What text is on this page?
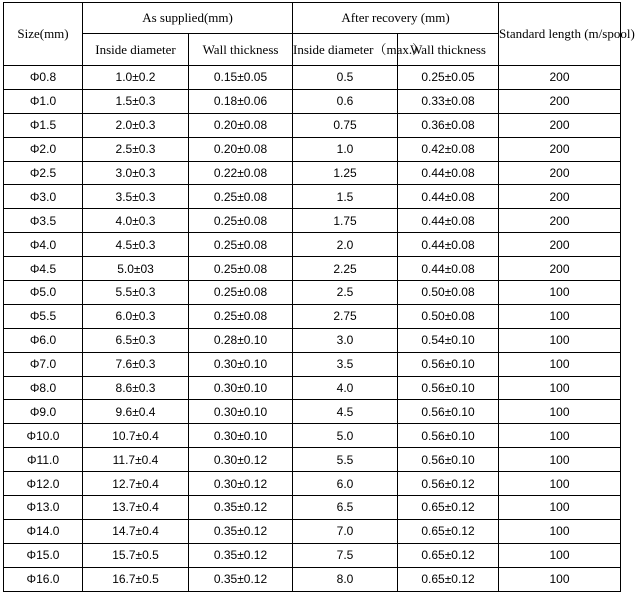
Size(mm)	As supplied(mm)		After recovery (mm)		Standard length (m/spool)
	Inside diameter	Wall thickness	Inside diameter（max.）	Wall thickness	
Φ0.8	1.0±0.2	0.15±0.05	0.5	0.25±0.05	200
Φ1.0	1.5±0.3	0.18±0.06	0.6	0.33±0.08	200
Φ1.5	2.0±0.3	0.20±0.08	0.75	0.36±0.08	200
Φ2.0	2.5±0.3	0.20±0.08	1.0	0.42±0.08	200
Φ2.5	3.0±0.3	0.22±0.08	1.25	0.44±0.08	200
Φ3.0	3.5±0.3	0.25±0.08	1.5	0.44±0.08	200
Φ3.5	4.0±0.3	0.25±0.08	1.75	0.44±0.08	200
Φ4.0	4.5±0.3	0.25±0.08	2.0	0.44±0.08	200
Φ4.5	5.0±03	0.25±0.08	2.25	0.44±0.08	200
Φ5.0	5.5±0.3	0.25±0.08	2.5	0.50±0.08	100
Φ5.5	6.0±0.3	0.25±0.08	2.75	0.50±0.08	100
Φ6.0	6.5±0.3	0.28±0.10	3.0	0.54±0.10	100
Φ7.0	7.6±0.3	0.30±0.10	3.5	0.56±0.10	100
Φ8.0	8.6±0.3	0.30±0.10	4.0	0.56±0.10	100
Φ9.0	9.6±0.4	0.30±0.10	4.5	0.56±0.10	100
Φ10.0	10.7±0.4	0.30±0.10	5.0	0.56±0.10	100
Φ11.0	11.7±0.4	0.30±0.12	5.5	0.56±0.10	100
Φ12.0	12.7±0.4	0.30±0.12	6.0	0.56±0.12	100
Φ13.0	13.7±0.4	0.35±0.12	6.5	0.65±0.12	100
Φ14.0	14.7±0.4	0.35±0.12	7.0	0.65±0.12	100
Φ15.0	15.7±0.5	0.35±0.12	7.5	0.65±0.12	100
Φ16.0	16.7±0.5	0.35±0.12	8.0	0.65±0.12	100
